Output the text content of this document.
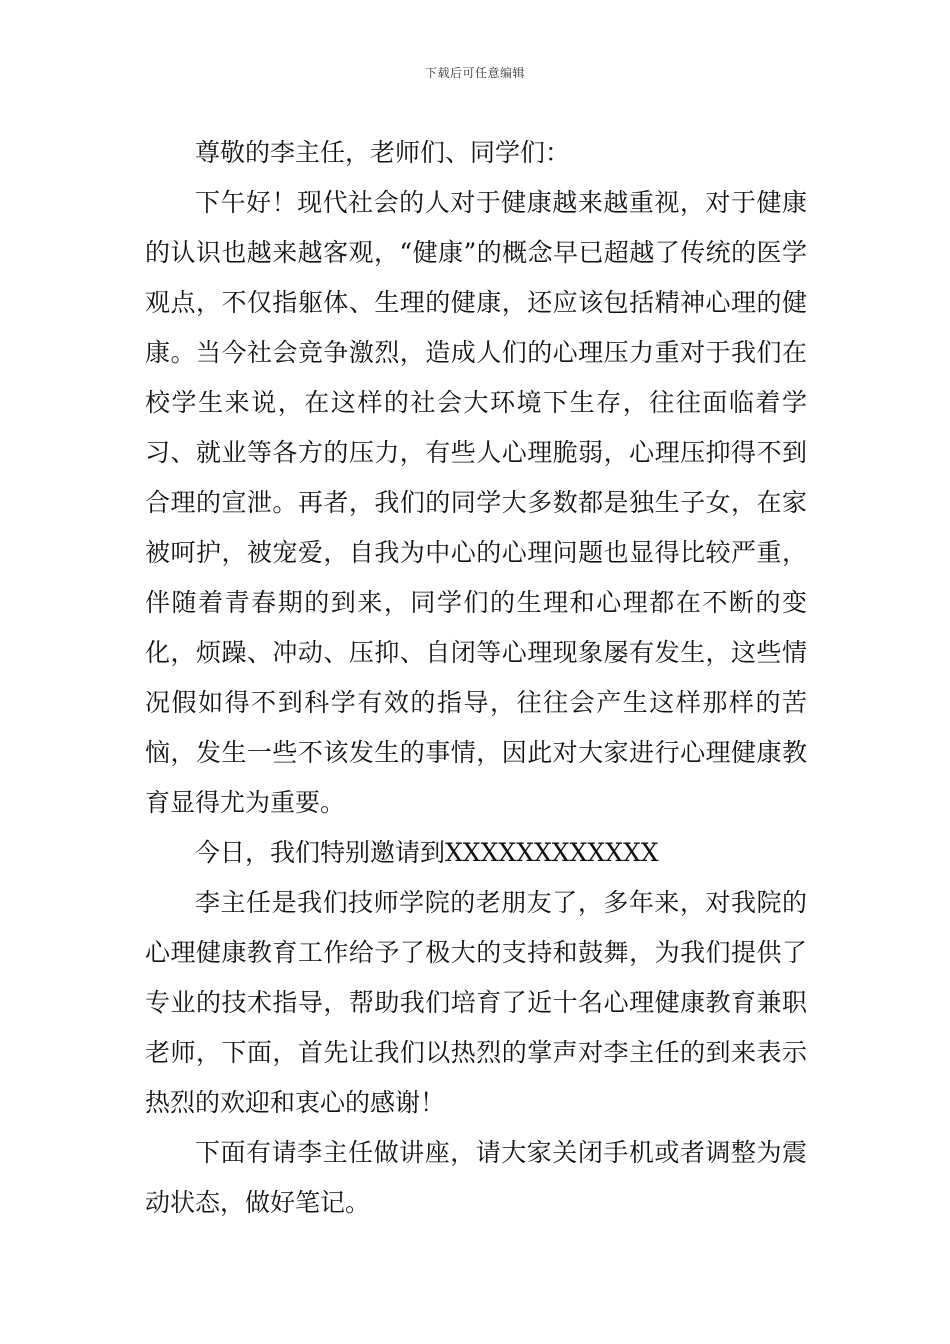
下载后可任意编辑

尊敬的李主任，老师们、同学们：

下午好！现代社会的人对于健康越来越重视，对于健康的认识也越来越客观，“健康”的概念早已超越了传统的医学观点，不仅指躯体、生理的健康，还应该包括精神心理的健康。当今社会竞争激烈，造成人们的心理压力重对于我们在校学生来说，在这样的社会大环境下生存，往往面临着学习、就业等各方的压力，有些人心理脆弱，心理压抑得不到合理的宣泄。再者，我们的同学大多数都是独生子女，在家被呵护，被宠爱，自我为中心的心理问题也显得比较严重，伴随着青春期的到来，同学们的生理和心理都在不断的变化，烦躁、冲动、压抑、自闭等心理现象屡有发生，这些情况假如得不到科学有效的指导，往往会产生这样那样的苦恼，发生一些不该发生的事情，因此对大家进行心理健康教育显得尤为重要。

今日，我们特别邀请到XXXXXXXXXXXX

李主任是我们技师学院的老朋友了，多年来，对我院的心理健康教育工作给予了极大的支持和鼓舞，为我们提供了专业的技术指导，帮助我们培育了近十名心理健康教育兼职老师，下面，首先让我们以热烈的掌声对李主任的到来表示热烈的欢迎和衷心的感谢！

下面有请李主任做讲座，请大家关闭手机或者调整为震动状态，做好笔记。
